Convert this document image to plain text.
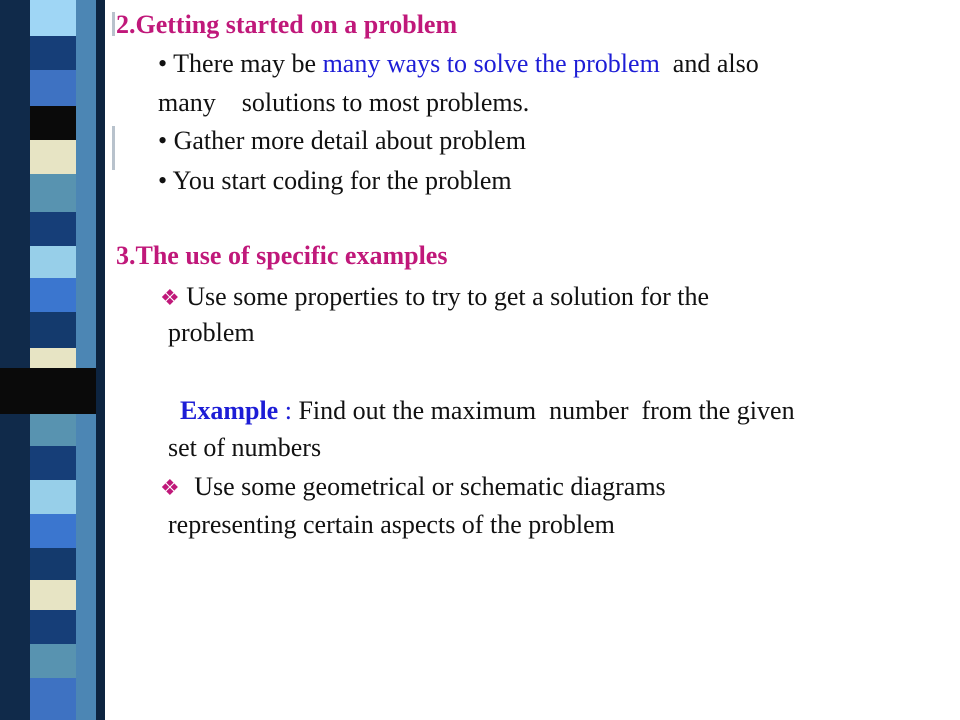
2.Getting started on a problem
• There may be many ways to solve the problem  and also
many    solutions to most problems.
• Gather more detail about problem
• You start coding for the problem
3.The use of specific examples
❖ Use some properties to try to get a solution for the
problem
Example : Find out the maximum  number  from the given
set of numbers
❖ Use some geometrical or schematic diagrams
representing certain aspects of the problem
